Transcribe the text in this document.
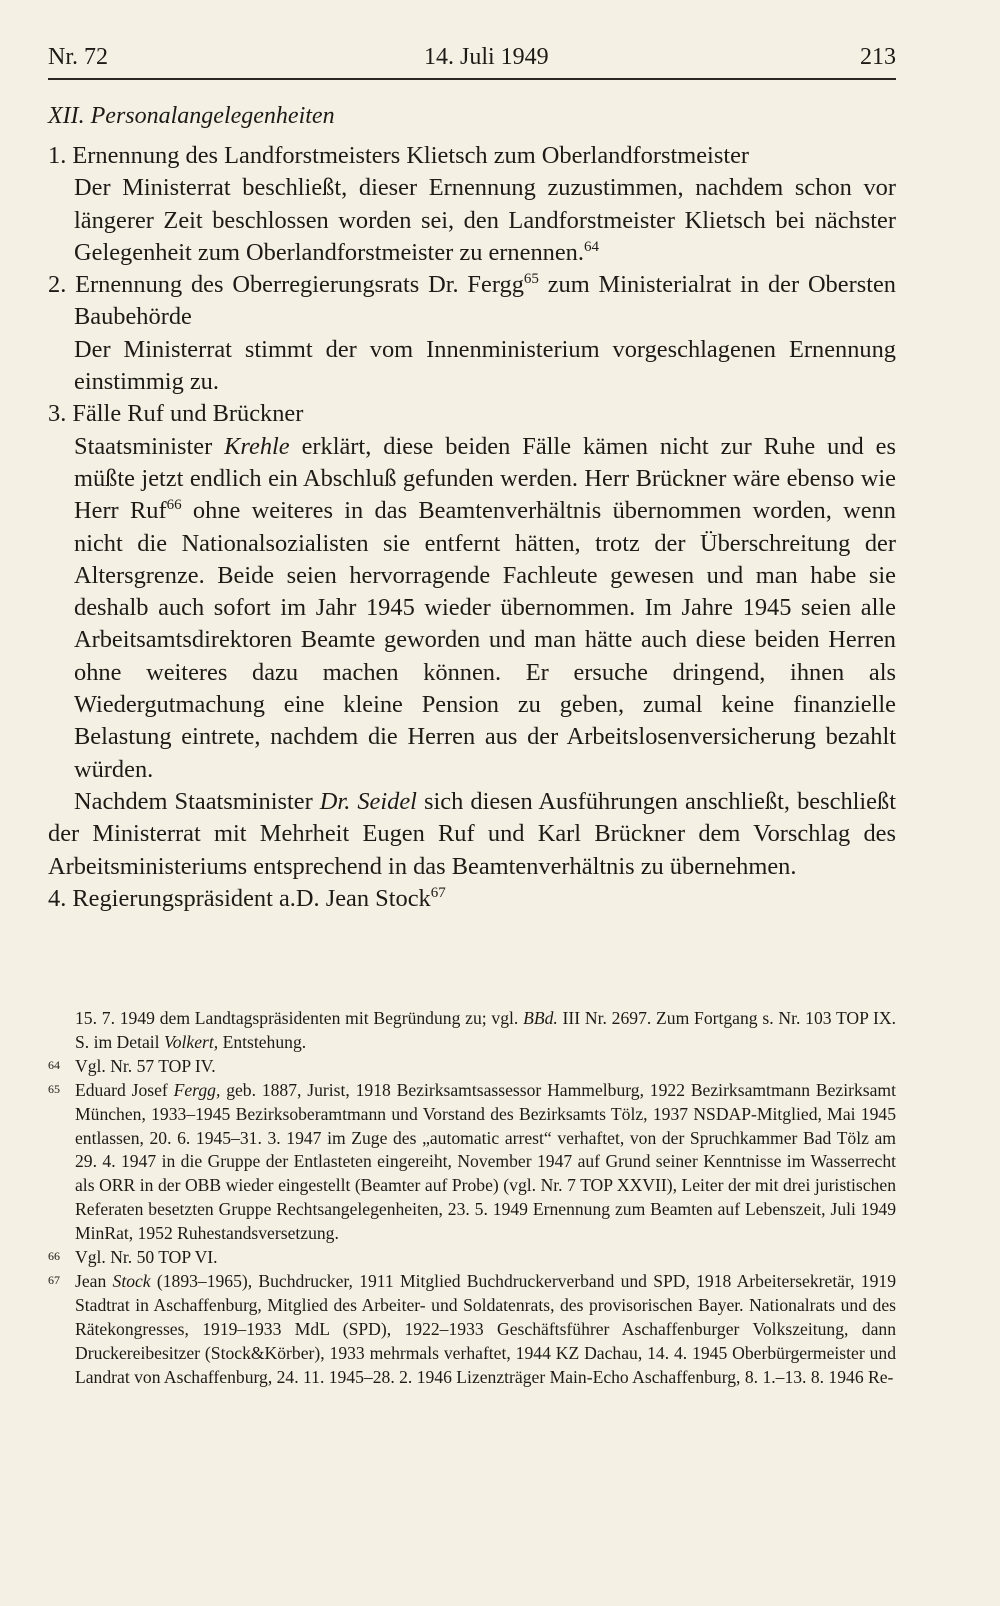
Nr. 72	14. Juli 1949	213
XII. Personalangelegenheiten

1. Ernennung des Landforstmeisters Klietsch zum Oberlandforstmeister

Der Ministerrat beschließt, dieser Ernennung zuzustimmen, nachdem schon vor längerer Zeit beschlossen worden sei, den Landforstmeister Klietsch bei nächster Gelegenheit zum Oberlandforstmeister zu ernennen.$^{64}$

2. Ernennung des Oberregierungsrats Dr. Fergg$^{65}$ zum Ministerialrat in der Obersten Baubehörde

Der Ministerrat stimmt der vom Innenministerium vorgeschlagenen Ernennung einstimmig zu.

3. Fälle Ruf und Brückner

Staatsminister Krehle erklärt, diese beiden Fälle kämen nicht zur Ruhe und es müßte jetzt endlich ein Abschluß gefunden werden. Herr Brückner wäre ebenso wie Herr Ruf$^{66}$ ohne weiteres in das Beamtenverhältnis übernommen worden, wenn nicht die Nationalsozialisten sie entfernt hätten, trotz der Überschreitung der Altersgrenze. Beide seien hervorragende Fachleute gewesen und man habe sie deshalb auch sofort im Jahr 1945 wieder übernommen. Im Jahre 1945 seien alle Arbeitsamtsdirektoren Beamte geworden und man hätte auch diese beiden Herren ohne weiteres dazu machen können. Er ersuche dringend, ihnen als Wiedergutmachung eine kleine Pension zu geben, zumal keine finanzielle Belastung eintrete, nachdem die Herren aus der Arbeitslosenversicherung bezahlt würden.

Nachdem Staatsminister Dr. Seidel sich diesen Ausführungen anschließt, beschließt der Ministerrat mit Mehrheit Eugen Ruf und Karl Brückner dem Vorschlag des Arbeitsministeriums entsprechend in das Beamtenverhältnis zu übernehmen.

4. Regierungspräsident a.D. Jean Stock$^{67}$

15. 7. 1949 dem Landtagspräsidenten mit Begründung zu; vgl. BBd. III Nr. 2697. Zum Fortgang s. Nr. 103 TOP IX. S. im Detail Volkert, Entstehung.

64 Vgl. Nr. 57 TOP IV.

65 Eduard Josef Fergg, geb. 1887, Jurist, 1918 Bezirksamtsassessor Hammelburg, 1922 Bezirksamtmann Bezirksamt München, 1933–1945 Bezirksoberamtmann und Vorstand des Bezirksamts Tölz, 1937 NSDAP-Mitglied, Mai 1945 entlassen, 20. 6. 1945–31. 3. 1947 im Zuge des „automatic arrest“ verhaftet, von der Spruchkammer Bad Tölz am 29. 4. 1947 in die Gruppe der Entlasteten eingereiht, November 1947 auf Grund seiner Kenntnisse im Wasserrecht als ORR in der OBB wieder eingestellt (Beamter auf Probe) (vgl. Nr. 7 TOP XXVII), Leiter der mit drei juristischen Referaten besetzten Gruppe Rechtsangelegenheiten, 23. 5. 1949 Ernennung zum Beamten auf Lebenszeit, Juli 1949 MinRat, 1952 Ruhestandsversetzung.

66 Vgl. Nr. 50 TOP VI.

67 Jean Stock (1893–1965), Buchdrucker, 1911 Mitglied Buchdruckerverband und SPD, 1918 Arbeitersekretär, 1919 Stadtrat in Aschaffenburg, Mitglied des Arbeiter- und Soldatenrats, des provisorischen Bayer. Nationalrats und des Rätekongresses, 1919–1933 MdL (SPD), 1922–1933 Geschäftsführer Aschaffenburger Volkszeitung, dann Druckereibesitzer (Stock&Körber), 1933 mehrmals verhaftet, 1944 KZ Dachau, 14. 4. 1945 Oberbürgermeister und Landrat von Aschaffenburg, 24. 11. 1945–28. 2. 1946 Lizenzträger Main-Echo Aschaffenburg, 8. 1.–13. 8. 1946 Re-
